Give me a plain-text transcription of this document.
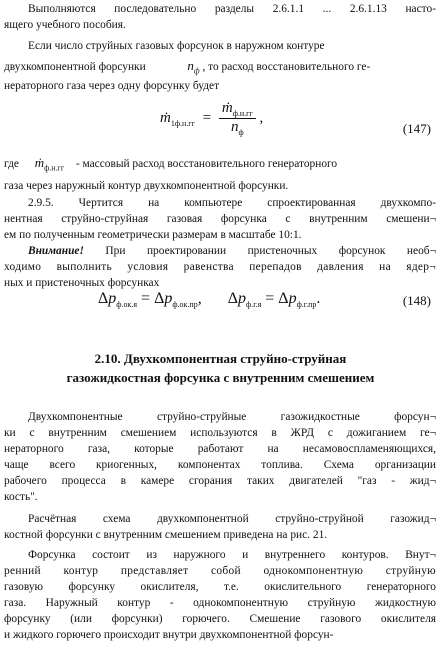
Выполняются последовательно разделы 2.6.1.1 ... 2.6.1.13 насто-
ящего учебного пособия.
Если число струйных газовых форсунок в наружном контуре
двухкомпонентной форсунки	$n_ф$ , то расход восстановительного ге-
нераторного газа через одну форсунку будет
ṁ$_{1ф.н.гг}$ = $\frac{ṁ_{ф.н.гг}}{n_ф}$ ,
(147)
где ṁ$_{ф.н.гг}$ - массовый расход восстановительного генераторного
газа через наружный контур двухкомпонентной форсунки.
2.9.5. Чертится на компьютере спроектированная двухкомпо-
нентная струйно-струйная газовая форсунка с внутренним смешени¬
ем по полученным геометрически размерам в масштабе 10:1.
Внимание! При проектировании пристеночных форсунок необ¬
ходимо выполнить условия равенства перепадов давления на ядер¬
ных и пристеночных форсунках
$\Delta p_{ф.ок.я} = \Delta p_{ф.ок.пр}$,  $\Delta p_{ф.г.я} = \Delta p_{ф.г.пр}$.	(148)
2.10. Двухкомпонентная струйно-струйная
газожидкостная форсунка с внутренним смешением
Двухкомпонентные струйно-струйные газожидкостные форсун¬
ки с внутренним смешением используются в ЖРД с дожиганием ге¬
нераторного газа, которые работают на несамовоспламеняющихся,
чаще всего криогенных, компонентах топлива. Схема организации
рабочего процесса в камере сгорания таких двигателей "газ - жид¬
кость".
Расчётная схема двухкомпонентной струйно-струйной газожид¬
костной форсунки с внутренним смешением приведена на рис. 21.
Форсунка состоит из наружного и внутреннего контуров. Внут¬
ренний контур представляет собой однокомпонентную струйную
газовую форсунку окислителя, т.е. окислительного генераторного
газа. Наружный контур - однокомпонентную струйную жидкостную
форсунку (или форсунки) горючего. Смешение газового окислителя
и жидкого горючего происходит внутри двухкомпонентной форсун-
